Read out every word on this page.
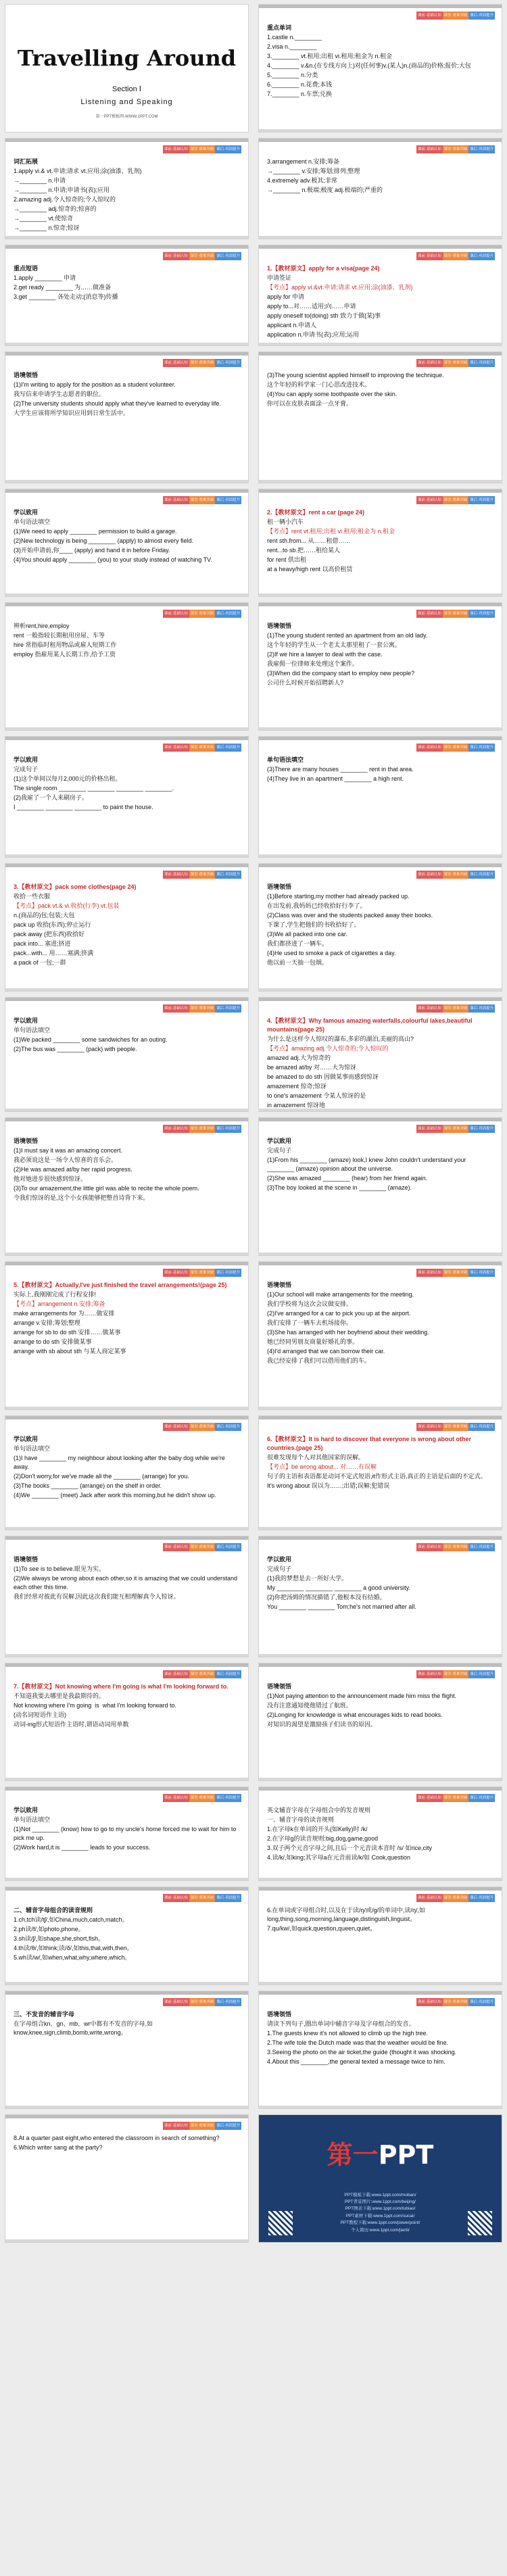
Travelling Around
Section Ⅰ
Listening and Speaking
第一PPT模板网-WWW.1PPT.COM
课前·基础认知 课堂·重难突破 课后·巩固提升

重点单词

1.castle n.________

2.visa n.________

3.________ vt.租用;出租 vi.租用;租金为 n.租金

4.________ v.&n.(在专线方向上)对(任何事)v.(某人)n.(商品的)价格;报价;大包

5.________ n.分类

6.________ n.花费;本钱

7.________ n.车票;兑换

课前·基础认知 课堂·重难突破 课后·巩固提升

词汇拓展

1.apply vi.& vt.申请;请求 vt.应用;涂(油漆、乳剂)

→________ n.申请

→________ n.申请;申请书(表);应用

2.amazing adj.令人惊奇的;令人惊叹的

→________ adj.惊奇的;惊喜的

→________ vt.使惊奇

→________ n.惊奇;惊讶

课前·基础认知 课堂·重难突破 课后·巩固提升

3.arrangement n.安排;筹备

→________ v.安排;筹划;排列;整理

4.extremely adv.极其;非常

→________ n.极端;极度 adj.极端的;严重的

课前·基础认知 课堂·重难突破 课后·巩固提升

重点短语

1.apply ________ 申请

2.get ready ________ 为……做准备

3.get ________ 各处走动;(消息等)传播

课前·基础认知 课堂·重难突破 课后·巩固提升

1.【教材原文】apply for a visa(page 24)

申请签证

【考点】apply vi.&vt.申请;请求 vt.应用;涂(油漆、乳剂)

apply for 申请

apply to...对……适用;向……申请

apply oneself to(doing) sth 致力于做(某)事

applicant n.申请人

application n.申请书(表);应用;运用

课前·基础认知 课堂·重难突破 课后·巩固提升

语境领悟

(1)I'm writing to apply for the position as a student volunteer.

我写信来申请学生志愿者的职位。

(2)The university students should apply what they've learned to everyday life.

大学生应该将所学知识应用到日常生活中。

课前·基础认知 课堂·重难突破 课后·巩固提升

(3)The young scientist applied himself to improving the technique.

这个年轻的科学家一门心思改进技术。

(4)You can apply some toothpaste over the skin.

你可以在皮肤表面涂一点牙膏。

课前·基础认知 课堂·重难突破 课后·巩固提升

学以致用

单句语法填空

(1)We need to apply ________ permission to build a garage.

(2)New technology is being ________ (apply) to almost every field.

(3)开始申请前,你____ (apply) and hand it in before Friday.

(4)You should apply ________ (you) to your study instead of watching TV.

课前·基础认知 课堂·重难突破 课后·巩固提升

2.【教材原文】rent a car (page 24)

租一辆小汽车

【考点】rent vt.租用;出租 vi.租用;租金为 n.租金

rent sth.from... 从……租借……

rent...to sb.把……租给某人

for rent 供出租

at a heavy/high rent 以高价租赁

课前·基础认知 课堂·重难突破 课后·巩固提升

辨析rent,hire,employ

rent 一般指较长期租用房屋、车等

hire 常指临时租用物品或雇人短期工作

employ 指雇用某人长期工作,给予工资

课前·基础认知 课堂·重难突破 课后·巩固提升

语境领悟

(1)The young student rented an apartment from an old lady.

这个年轻的学生从一个老太太那里租了一套公寓。

(2)If we hire a lawyer to deal with the case.

我雇佣一位律师来处理这个案件。

(3)When did the company start to employ new people?

公司什么时候开始招聘新人?

课前·基础认知 课堂·重难突破 课后·巩固提升

学以致用

完成句子

(1)这个单间以每月2,000元的价格出租。

The single room ________ ________ ________ ________.

(2)我雇了一个人来刷房子。

I ________ ________ ________ to paint the house.

课前·基础认知 课堂·重难突破 课后·巩固提升

单句语法填空

(3)There are many houses ________ rent in that area.

(4)They live in an apartment ________ a high rent.

课前·基础认知 课堂·重难突破 课后·巩固提升

3.【教材原文】pack some clothes(page 24)

收拾一些衣服

【考点】pack vt.& vi.收拾(行李) vt.包装

n.(商品的)包;包装;大包

pack up 收拾(东西);停止运行

pack away (把东西)收拾好

pack into... 塞进;挤进

pack...with... 用……塞满;挤满

a pack of 一包;一群

课前·基础认知 课堂·重难突破 课后·巩固提升

语境领悟

(1)Before starting,my mother had already packed up.

在出发前,我妈妈已经收拾好行李了。

(2)Class was over and the students packed away their books.

下课了,学生把他们的书收拾好了。

(3)We all packed into one car.

我们都挤进了一辆车。

(4)He used to smoke a pack of cigarettes a day.

他以前一天抽一包烟。

课前·基础认知 课堂·重难突破 课后·巩固提升

学以致用

单句语法填空

(1)We packed ________ some sandwiches for an outing.

(2)The bus was ________ (pack) with people.

课前·基础认知 课堂·重难突破 课后·巩固提升

4.【教材原文】Why famous amazing waterfalls,colourful lakes,beautiful mountains(page 25)

为什么是这样令人惊叹的瀑布,多彩的湖泊,美丽的高山?

【考点】amazing adj.令人惊奇的;令人惊叹的

amazed adj.大为惊奇的

be amazed at/by 对……大为惊讶

be amazed to do sth 因做某事而感到惊讶

amazement 惊奇;惊讶

to one's amazement 令某人惊讶的是

in amazement 惊讶地

课前·基础认知 课堂·重难突破 课后·巩固提升

语境领悟

(1)I must say it was an amazing concert.

我必须说这是一场令人惊喜的音乐会。

(2)He was amazed at/by her rapid progress.

他对她进步很快感到惊讶。

(3)To our amazement,the little girl was able to recite the whole poem.

令我们惊讶的是,这个小女孩能够把整首诗背下来。

课前·基础认知 课堂·重难突破 课后·巩固提升

学以致用

完成句子

(1)From his ________ (amaze) look,I knew John couldn't understand your ________ (amaze) opinion about the universe.

(2)She was amazed ________ (hear) from her friend again.

(3)The boy looked at the scene in ________ (amaze).

课前·基础认知 课堂·重难突破 课后·巩固提升

5.【教材原文】Actually,I've just finished the travel arrangements!(page 25)

实际上,我刚刚完成了行程安排!

【考点】arrangement n.安排;筹备

make arrangements for 为……做安排

arrange v.安排;筹划;整理

arrange for sb to do sth 安排……做某事

arrange to do sth 安排做某事

arrange with sb about sth 与某人商定某事

课前·基础认知 课堂·重难突破 课后·巩固提升

语境领悟

(1)Our school will make arrangements for the meeting.

我们学校将为这次会议做安排。

(2)I've arranged for a car to pick you up at the airport.

我们安排了一辆车去机场接你。

(3)She has arranged with her boyfriend about their wedding.

她已经同男朋友商量好婚礼的事。

(4)I'd arranged that we can borrow their car.

我已经安排了我们可以借用他们的车。

课前·基础认知 课堂·重难突破 课后·巩固提升

学以致用

单句语法填空

(1)I have ________ my neighbour about looking after the baby dog while we're away.

(2)Don't worry,for we've made all the ________ (arrange) for you.

(3)The books ________ (arrange) on the shelf in order.

(4)We ________ (meet) Jack after work this morning,but he didn't show up.

课前·基础认知 课堂·重难突破 课后·巩固提升

6.【教材原文】It is hard to discover that everyone is wrong about other countries.(page 25)

很难发现每个人对其他国家的误解。

【考点】be wrong about... 对……有误解

句子的主语和表语都是动词不定式短语,it作形式主语,真正的主语是后面的不定式。

It's wrong about 误以为……;出错;误解;犯错误

课前·基础认知 课堂·重难突破 课后·巩固提升

语境领悟

(1)To see is to believe.眼见为实。

(2)We always be wrong about each other,so it is amazing that we could understand each other this time.

我们经常对彼此有误解,因此这次我们能互相理解真令人惊讶。

课前·基础认知 课堂·重难突破 课后·巩固提升

学以致用

完成句子

(1)我的梦想是去一所好大学。

My ________ ________ ________ a good university.

(2)你把汤姆的情况描错了,他根本没有结婚。

You ________ ________ Tom;he's not married after all.

课前·基础认知 课堂·重难突破 课后·巩固提升

7.【教材原文】Not knowing where I'm going is what I'm looking forward to.

不知道我要去哪里是我最期待的。

Not knowing where I'm going  is  what I'm looking forward to.

(动名词短语作主语)

动词-ing形式短语作主语时,谓语动词用单数

课前·基础认知 课堂·重难突破 课后·巩固提升

语境领悟

(1)Not paying attention to the announcement made him miss the flight.

没有注意通知使他错过了航班。

(2)Longing for knowledge is what encourages kids to read books.

对知识的渴望是激励孩子们读书的原因。

课前·基础认知 课堂·重难突破 课后·巩固提升

学以致用

单句语法填空

(1)Not ________ (know) how to go to my uncle's home forced me to wait for him to pick me up.

(2)Work hard,it is ________ leads to your success.

课前·基础认知 课堂·重难突破 课后·巩固提升

英文辅音字母在字母组合中的发音规则

一、辅音字母的读音规则

1.在字母k在单词的开头(如Kelly)时 /k/

2.在字母g的读音规则:big,dog,game,good

3.双子两个元音字母之间,且后一个元音读本音时 /s/ 如rice,city

4.读/k/,如king;其字母a在元音前读/k/如 Cook,question

课前·基础认知 课堂·重难突破 课后·巩固提升

二、辅音字母组合的读音规则

1.ch,tch读/tʃ/,如China,much,catch,match。

2.ph读/f/,如photo,phone。

3.sh读/ʃ/,如shape,she,short,fish。

4.th读/θ/,如think;读/ð/,如this,that,with,then。

5.wh读/w/,如when,what,why,where,which。

课前·基础认知 课堂·重难突破 课后·巩固提升

6.在单词或字母组合时,以及在于读/ŋ/或/ɡ/的单词中,读/ŋ/,如long,thing,song,morning,language,distinguish,linguist。

7.qu/kw/,如quick,question,queen,quiet。

课前·基础认知 课堂·重难突破 课后·巩固提升

三、不发音的辅音字母

在字母组合kn、gn、mb、wr中都有不发音的字母,如know,knee,sign,climb,bomb,write,wrong。

课前·基础认知 课堂·重难突破 课后·巩固提升

语境领悟

请读下列句子,圈出单词中辅音字母及字母组合的发音。

1.The guests knew it's not allowed to climb up the high tree.

2.The wife tole the Dutch made was that the weather would be fine.

3.Seeing the photo on the air ticket,the guide (thought it was shocking.

4.About this ________,the general texted a message twice to him.

课前·基础认知 课堂·重难突破 课后·巩固提升

8.At a quarter past eight,who entered the classroom in search of something?

6.Which writer sang at the party?	第一PPT
PPT模板下载:www.1ppt.com/moban/
PPT背景图片:www.1ppt.com/beijing/
PPT图表下载:www.1ppt.com/tubiao/
PPT素材下载:www.1ppt.com/sucai/
PPT教程下载:www.1ppt.com/powerpoint/
个人简历:www.1ppt.com/jianli/
